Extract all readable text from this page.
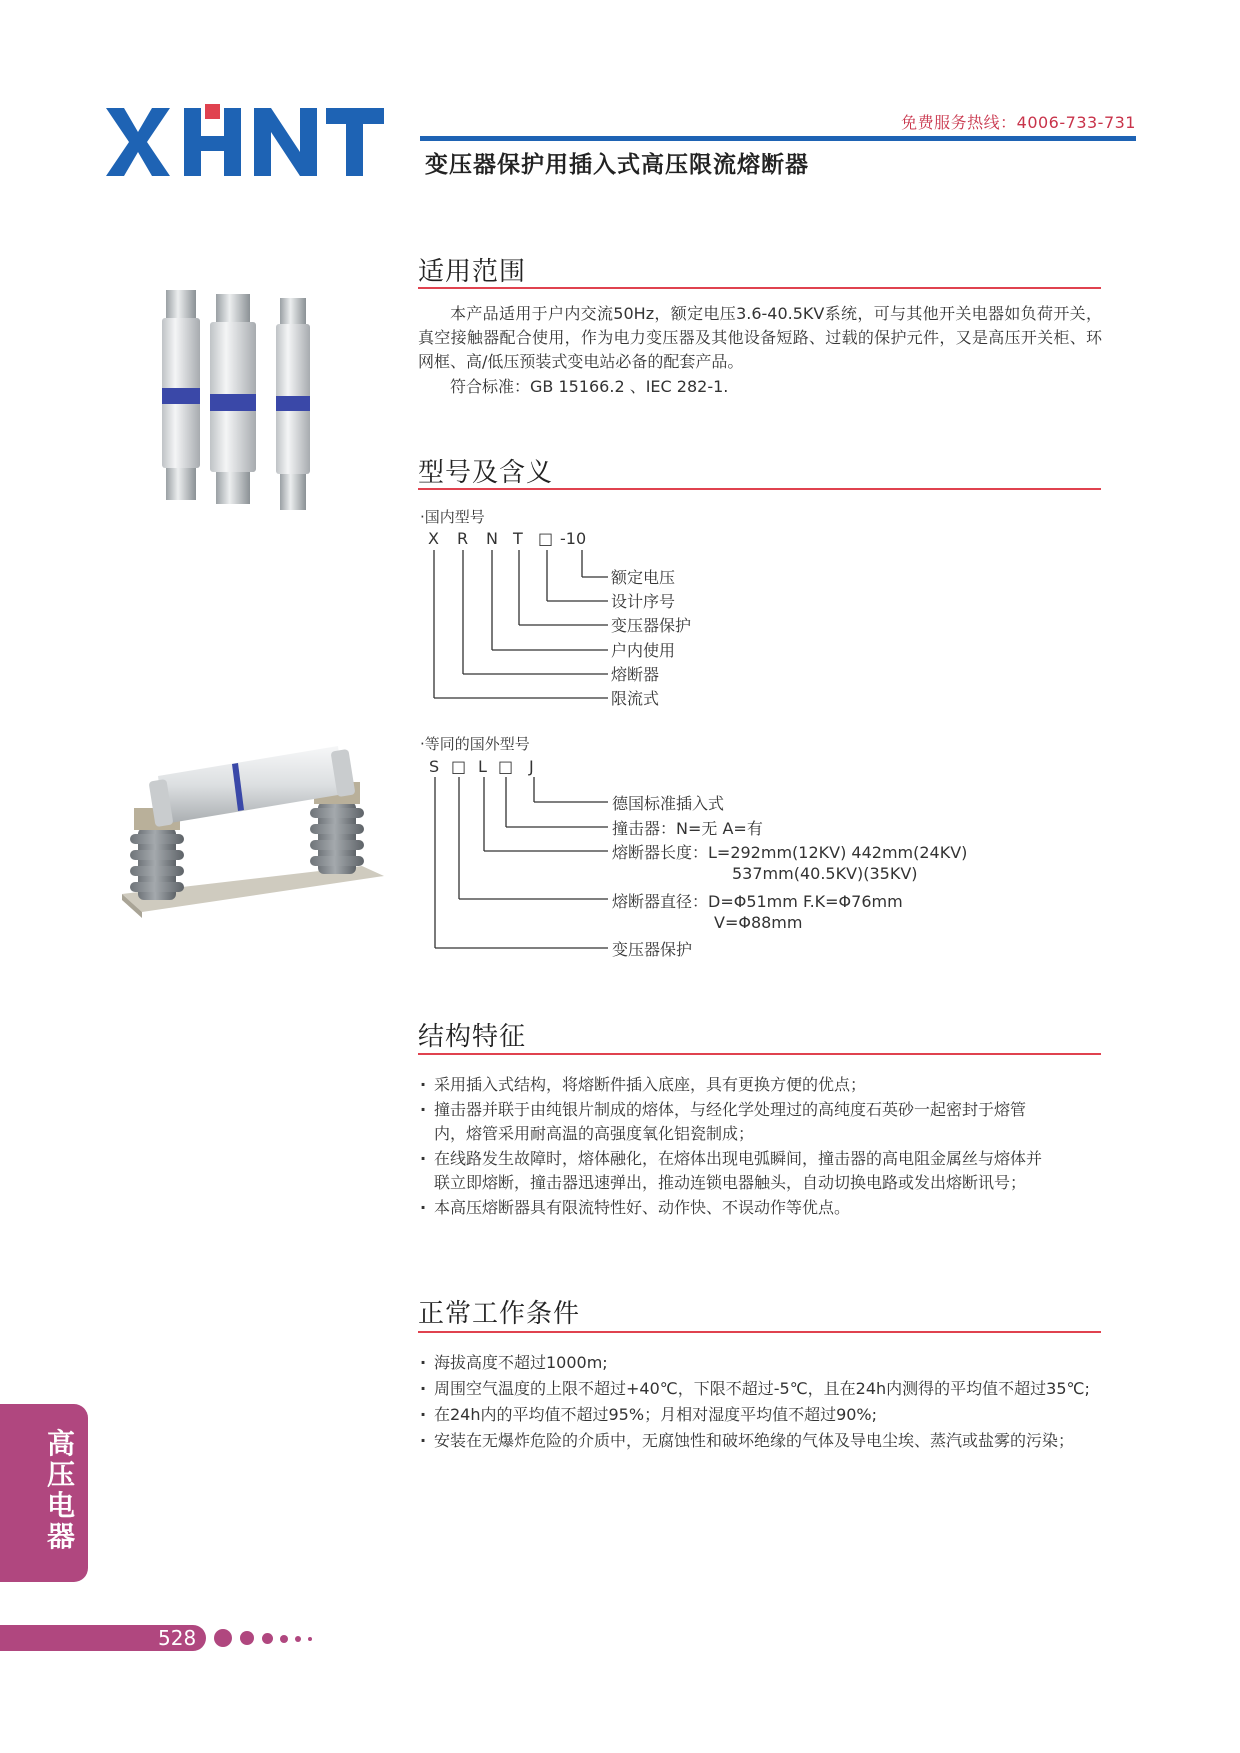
免费服务热线：4006-733-731
变压器保护用插入式高压限流熔断器
适用范围
本产品适用于户内交流50Hz，额定电压3.6-40.5KV系统，可与其他开关电器如负荷开关，真空接触器配合使用，作为电力变压器及其他设备短路、过载的保护元件，又是高压开关柜、环网框、高/低压预装式变电站必备的配套产品。
符合标准：GB 15166.2 、IEC 282-1.
型号及含义
·国内型号
X R N T □ -10
额定电压
设计序号
变压器保护
户内使用
熔断器
限流式
·等同的国外型号
S □ L □ J
德国标准插入式
撞击器：N=无 A=有
熔断器长度：L=292mm(12KV) 442mm(24KV)
537mm(40.5KV)(35KV)
熔断器直径：D=Φ51mm F.K=Φ76mm
V=Φ88mm
变压器保护
结构特征
· 采用插入式结构，将熔断件插入底座，具有更换方便的优点；
· 撞击器并联于由纯银片制成的熔体，与经化学处理过的高纯度石英砂一起密封于熔管内，熔管采用耐高温的高强度氧化铝瓷制成；
· 在线路发生故障时，熔体融化，在熔体出现电弧瞬间，撞击器的高电阻金属丝与熔体并联立即熔断，撞击器迅速弹出，推动连锁电器触头，自动切换电路或发出熔断讯号；
· 本高压熔断器具有限流特性好、动作快、不误动作等优点。
正常工作条件
· 海拔高度不超过1000m;
· 周围空气温度的上限不超过+40℃，下限不超过-5℃，且在24h内测得的平均值不超过35℃;
· 在24h内的平均值不超过95%；月相对湿度平均值不超过90%;
· 安装在无爆炸危险的介质中，无腐蚀性和破坏绝缘的气体及导电尘埃、蒸汽或盐雾的污染；
高压电器
528
